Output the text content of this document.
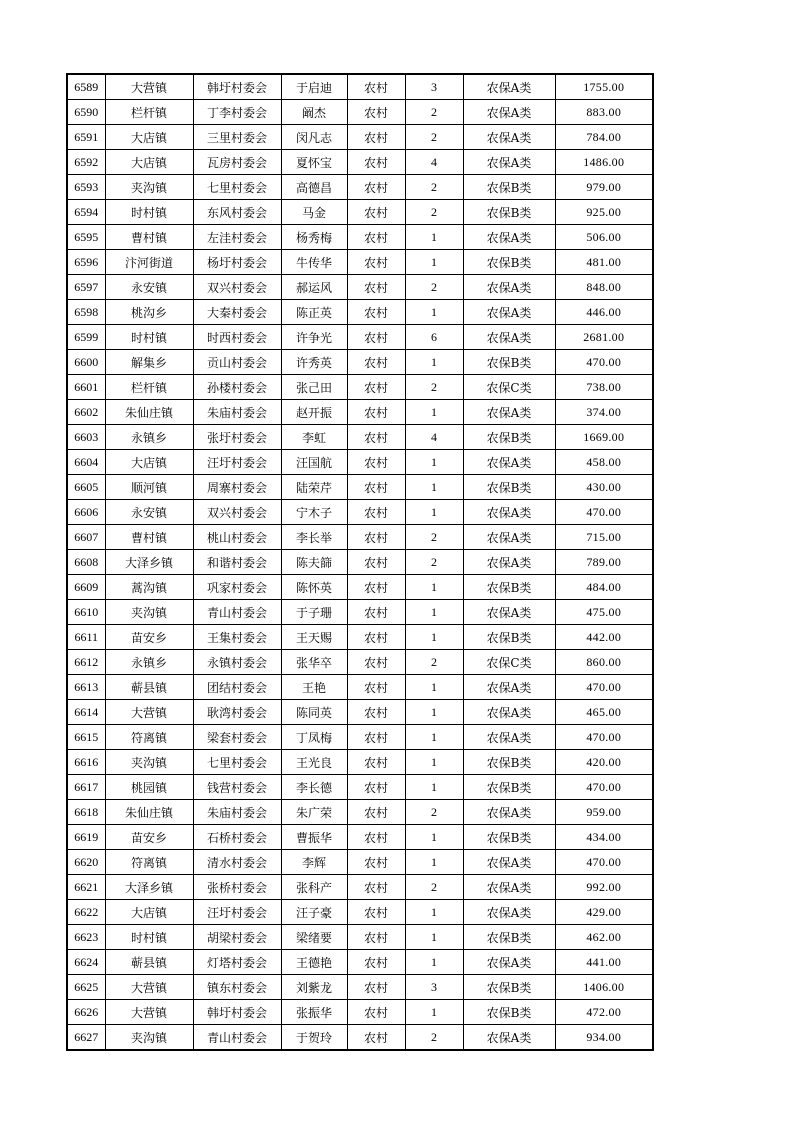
6589	大营镇	韩圩村委会	于启迪	农村	3	农保A类	1755.00
6590	栏杆镇	丁李村委会	阚杰	农村	2	农保A类	883.00
6591	大店镇	三里村委会	闵凡志	农村	2	农保A类	784.00
6592	大店镇	瓦房村委会	夏怀宝	农村	4	农保A类	1486.00
6593	夹沟镇	七里村委会	高德昌	农村	2	农保B类	979.00
6594	时村镇	东风村委会	马金	农村	2	农保B类	925.00
6595	曹村镇	左洼村委会	杨秀梅	农村	1	农保A类	506.00
6596	汴河街道	杨圩村委会	牛传华	农村	1	农保B类	481.00
6597	永安镇	双兴村委会	郝运风	农村	2	农保A类	848.00
6598	桃沟乡	大秦村委会	陈正英	农村	1	农保A类	446.00
6599	时村镇	时西村委会	许争光	农村	6	农保A类	2681.00
6600	解集乡	贡山村委会	许秀英	农村	1	农保B类	470.00
6601	栏杆镇	孙楼村委会	张己田	农村	2	农保C类	738.00
6602	朱仙庄镇	朱庙村委会	赵开振	农村	1	农保A类	374.00
6603	永镇乡	张圩村委会	李虹	农村	4	农保B类	1669.00
6604	大店镇	汪圩村委会	汪国航	农村	1	农保A类	458.00
6605	顺河镇	周寨村委会	陆荣芹	农村	1	农保B类	430.00
6606	永安镇	双兴村委会	宁木子	农村	1	农保A类	470.00
6607	曹村镇	桃山村委会	李长举	农村	2	农保A类	715.00
6608	大泽乡镇	和谐村委会	陈夫篩	农村	2	农保A类	789.00
6609	蒿沟镇	巩家村委会	陈怀英	农村	1	农保B类	484.00
6610	夹沟镇	青山村委会	于子珊	农村	1	农保A类	475.00
6611	苗安乡	王集村委会	王天赐	农村	1	农保B类	442.00
6612	永镇乡	永镇村委会	张华卒	农村	2	农保C类	860.00
6613	蕲县镇	团结村委会	王艳	农村	1	农保A类	470.00
6614	大营镇	耿湾村委会	陈同英	农村	1	农保A类	465.00
6615	符离镇	梁套村委会	丁凤梅	农村	1	农保A类	470.00
6616	夹沟镇	七里村委会	王光良	农村	1	农保B类	420.00
6617	桃园镇	钱营村委会	李长德	农村	1	农保B类	470.00
6618	朱仙庄镇	朱庙村委会	朱广荣	农村	2	农保A类	959.00
6619	苗安乡	石桥村委会	曹振华	农村	1	农保B类	434.00
6620	符离镇	清水村委会	李辉	农村	1	农保A类	470.00
6621	大泽乡镇	张桥村委会	张科产	农村	2	农保A类	992.00
6622	大店镇	汪圩村委会	汪子豪	农村	1	农保A类	429.00
6623	时村镇	胡梁村委会	梁绪要	农村	1	农保B类	462.00
6624	蕲县镇	灯塔村委会	王德艳	农村	1	农保A类	441.00
6625	大营镇	镇东村委会	刘紫龙	农村	3	农保B类	1406.00
6626	大营镇	韩圩村委会	张振华	农村	1	农保B类	472.00
6627	夹沟镇	青山村委会	于贺玲	农村	2	农保A类	934.00
